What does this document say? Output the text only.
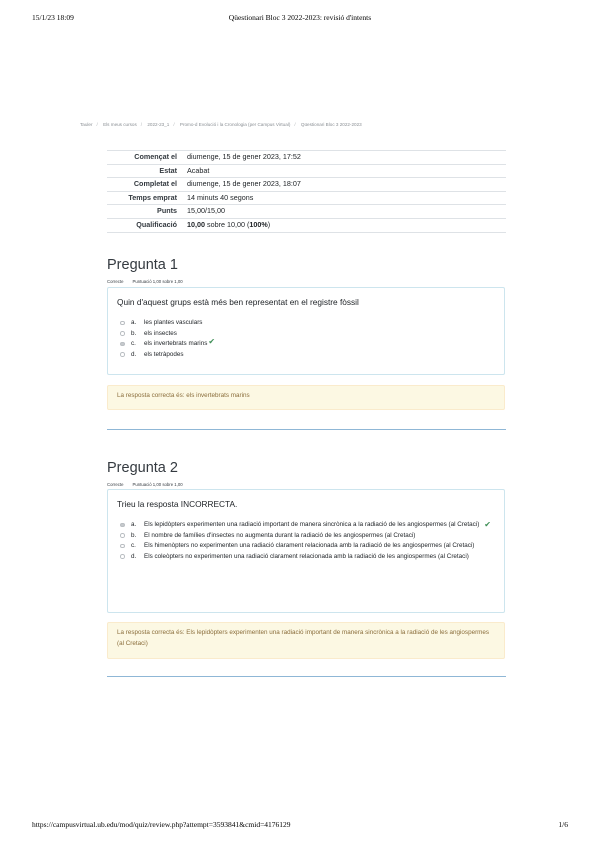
15/1/23 18:09	Qüestionari Bloc 3 2022-2023: revisió d'intents
Tauler / Els meus cursos / 2022-23_1 / Promo-d Evolució i la Cronologia (per Campus Virtual) / Qüestionari Bloc 3 2022-2023
Començat el	diumenge, 15 de gener 2023, 17:52
Estat	Acabat
Completat el	diumenge, 15 de gener 2023, 18:07
Temps emprat	14 minuts 40 segons
Punts	15,00/15,00
Qualificació	10,00 sobre 10,00 (100%)
Pregunta 1
Correcte Puntuació 1,00 sobre 1,00
Quin d'aquest grups està més ben representat en el registre fòssil
a. les plantes vasculars
b. els insectes
c. els invertebrats marins✔
d. els tetràpodes
La resposta correcta és: els invertebrats marins
Pregunta 2
Correcte Puntuació 1,00 sobre 1,00
Trieu la resposta INCORRECTA.
a. Els lepidòpters experimenten una radiació important de manera sincrònica a la radiació de les angiospermes (al Cretaci) ✔
b. El nombre de famílies d'insectes no augmenta durant la radiació de les angiospermes (al Cretaci)
c. Els himenòpters no experimenten una radiació clarament relacionada amb la radiació de les angiospermes (al Cretaci)
d. Els coleòpters no experimenten una radiació clarament relacionada amb la radiació de les angiospermes (al Cretaci)
La resposta correcta és: Els lepidòpters experimenten una radiació important de manera sincrònica a la radiació de les angiospermes (al Cretaci)
https://campusvirtual.ub.edu/mod/quiz/review.php?attempt=3593841&cmid=4176129	1/6
